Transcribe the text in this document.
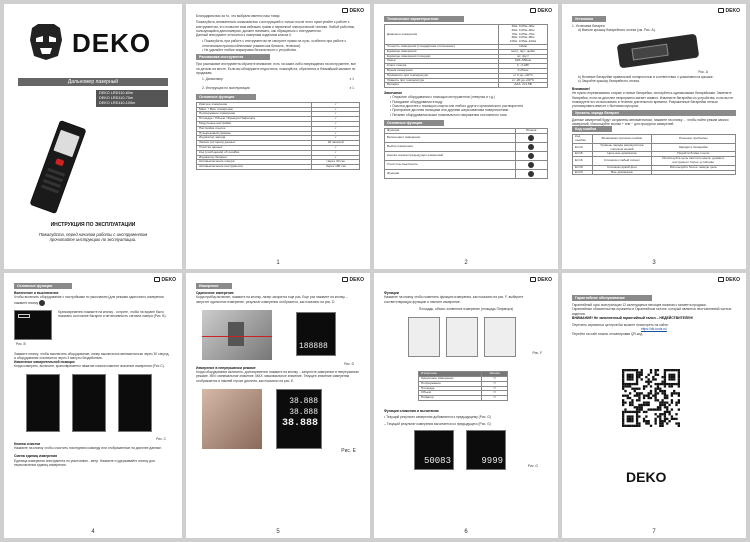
DEKO
Дальномер лазерный
DEKO LRD110-60m
DEKO LRD110-70m
DEKO LRD110-100m
ИНСТРУКЦИЯ ПО ЭКСПЛУАТАЦИИ
Пожалуйста, перед началом работы с инструментом прочитайте инструкцию по эксплуатации.
DEKO
Благодарим вас за то, что выбрали именно наш товар.
Пожалуйста, внимательно ознакомьтесь с инструкцией и только после этого приступайте к работе с инструментом, это позволит вам избежать травм и первичной электрической техники. Любой работник, пользующийся дальномером, должен понимать, как обращаться с инструментом.
Данный инструмент относится к лазерным изделиям класса II.
• Пожалуйста, при работе с инструментом не смотрите прямо на лучи, особенно при работе с оптическими приспособлениями (такими как бинокль, телескоп).
• Не удаляйте любые маркировки безопасности с устройства.
Распаковка инструмента
При распаковке инструмента обратите внимание, есть ли какие-либо повреждения на инструменте, все ли детали на месте. Если вы обнаружите недостаток, пожалуйста, обратитесь в ближайший магазин по продажам.
1. Дальномер	x 1
2. Инструкция по эксплуатации	x 1
Основные функции
Кратное измерение	✓
Макс. / Мин. измерение	✓
Непрерывное измерение	✓
Площадь / Объем / Функция Пифагора	✓
Модульные настройки	✓
Настройка ссылок	✓
Пузырьковый уровень	✓
Индикатор заряда	✓
Записи (история) данных	20 записей
Очистка данных	✓
Код (сообщения) об ошибке	✓
Индикатор батареи	✓
Автовыключение лазера	Через 30 сек
Автовыключение инструмента	Через 180 сек
1
DEKO
Технические характеристики
Диапазон измерения	40м: 0,05м~40м
60м: 0,05м~60м
70м: 0,05м~70м
80м: 0,05м~80м
100м: 0,05м~100м
Точность измерения (стандартная отклонение)	±2мм
Единицы измерения	метр, фут, дюйм
Единицы измерения площади	м², фут²
Лазер	620~660нм
Класс лазера	II, <1мВт
Время измерения	0,25сек
Применять при температуре	от 0 до +40°С
Хранить при температуре	от -20 до +60°С
Батарея	AAA, 2x1,5B
Замечание
• Открытие оборудования с помощью инструментов (отвертка и т.д.)
• Попадание оборудования в воду
• Очистка дисплея с помощью спирта или любого другого органического растворителя
• Протирание дисплея пальцами или другими шероховатыми поверхностями
• Питание оборудования выше номинального напряжения постоянного тока.
Основные функции
Функция	Иконка
Включение/ измерение	
Выбор измерения	
Кнопка показа предыдущих измерений	
Очистить/ выключить	
Функции	
2
DEKO
Установка
1. Установка батареи
а) Выньте крышку батарейного отсека (см. Рис. А).
Рис. А
b) Вставьте батарейки правильной полярностью в соответствии с указанием на крышке.
с) Закройте крышку батарейного отсека.
Внимание!
Не нужно перемешивать старые и новые батарейки, пользуйтесь одинаковыми батарейками. Замените батарейки, если на дисплее непрерывно мигает символ. Извлеките батарейки из устройства, если вы не планируете его использовать в течение длительного времени. Разряженные батарейки нельзя утилизировать вместе с бытовым мусором.
Уровень заряда батареи
Данные измерений будут сохранены автоматически, нажмите на кнопку ... чтобы найти режим записи измерений. Используйте кнопки + или − для прокрутки измерений.
Код ошибки
Код ошибки	Возможная причина ошибки	Решение проблемы
Err10	Уровень заряда аккумулятора слишком низкий	Зарядите батарейки
Err15	Цель вне диапазона	Подойти ближе к цели
Err16	Слишком слабый сигнал	Используйте цель светлого цвета, держите инструмент более устойчиво
Err18	Слишком яркий фон	Используйте более темную цель
Err20	Вне диапазона	
3
DEKO
Основные функции
Включение и выключение
Чтобы включить оборудование с настройками по умолчанию (для режима одиночного измерения нажмите кнопку
Рис. В
Кратковременно нажмите на кнопку - сотрите, чтобы на экране было показано состояние батареи и интенсивность сигнала лазера (Рис. В).
Зажмите кнопку, чтобы выключить оборудование, лазер выключится автоматически через 30 секунд, а оборудование отключится через 3 минуты бездействия.
Изменение измерительной позиции
Когда измерить, включите, кратковременно нажатие кнопки изменит значение измерения (Рис С).
Рис. С
Кнопка очистки
Нажмите на кнопку чтобы очистить последнюю команду или отображенные на дисплее данные.
Смена единиц измерения
Единица измерения инструмента по умолчанию - метр. Нажмите и удерживайте кнопку для переключения единиц измерения.
4
DEKO
Измерение
Одиночное измерение
Когда прибор включен, нажмите на кнопку, лазер загорится еще раз. Еще раз нажмите на кнопку – запустит одиночное измерение, результат измерения отобразится, как показано на рис. D.
188888
Рис. D
Измерение в непрерывном режиме
Когда оборудование включено, долговременно нажмите на кнопку – запустите измерение в непрерывном режиме. MIN: минимальное значение. MAX: максимальное значение. Текущее значение измерения отображается в нижней строке дисплея, как показано на рис. Е.
38.888
38.888
38.888
Рис. Е
5
DEKO
Функции
Нажмите на кнопку чтобы изменить функцию измерения, как показано на рис. F, выберите соответствующую функцию и начните измерение.
Площадь, объем, косвенное измерение (площадь Пифагора)
Рис. F
Измерение	Иконка
Одиночное измерение	▭
Непрерывное	▭
Площадь	▭
Объем	▭
Пифагор	▭
Функция сложения и вычитания
• Текущий результат измерения добавляется к предыдущему (Рис. G)
– Текущий результат измерения вычитается из предыдущего (Рис. G)
50083	9999	Рис. G
6
DEKO
Гарантийное обслуживание
Гарантийный срок эксплуатации 12 календарных месяцев начиная с момента продажи.
Гарантийные обязательства отражены в Гарантийном талоне, который является неотъемлемой частью изделия.
ВНИМАНИЕ! Не заполненный гарантийный талон – НЕДЕЙСТВИТЕЛЕН!
Перечень сервисных центров Вы можете посмотреть на сайте:
https://dk-tools.ru/
Перейти на сайт можно отсканировав QR-код.
DEKO
7
